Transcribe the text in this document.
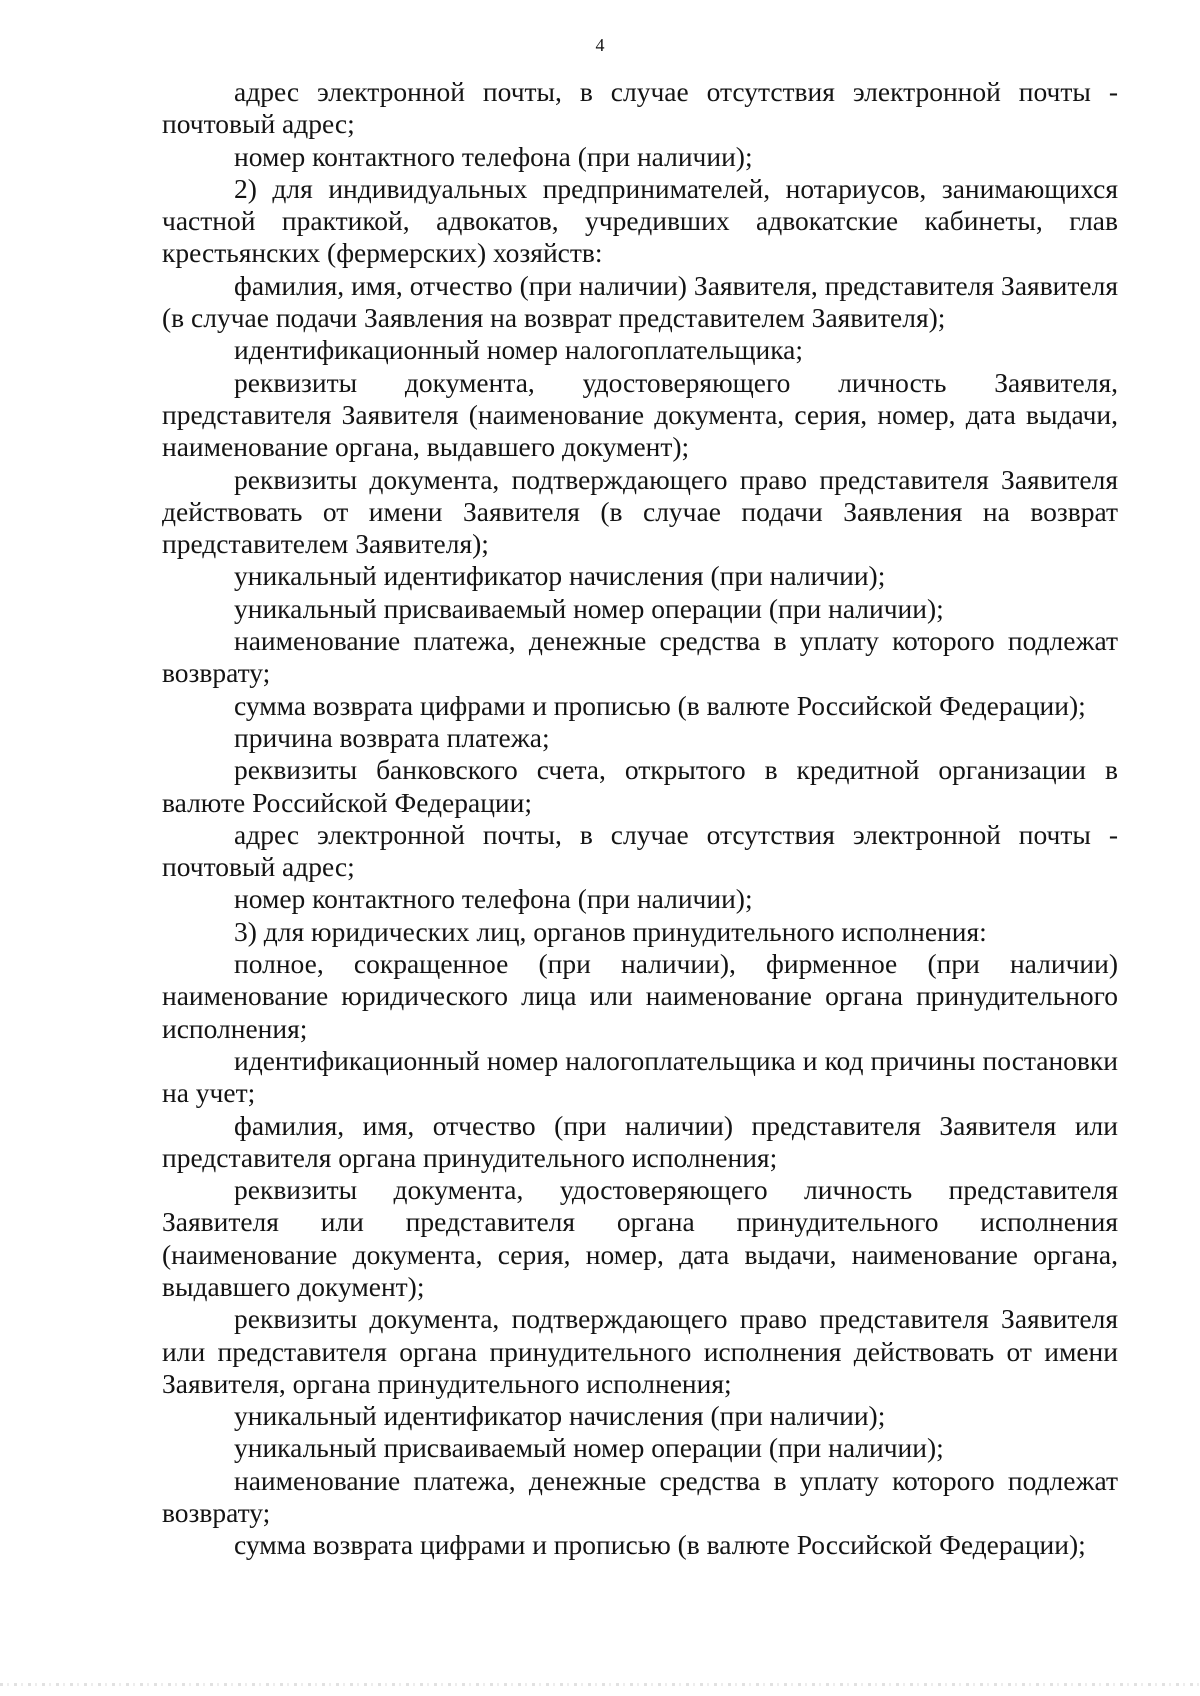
4

адрес электронной почты, в случае отсутствия электронной почты - почтовый адрес;

номер контактного телефона (при наличии);

2) для индивидуальных предпринимателей, нотариусов, занимающихся частной практикой, адвокатов, учредивших адвокатские кабинеты, глав крестьянских (фермерских) хозяйств:

фамилия, имя, отчество (при наличии) Заявителя, представителя Заявителя (в случае подачи Заявления на возврат представителем Заявителя);

идентификационный номер налогоплательщика;

реквизиты документа, удостоверяющего личность Заявителя, представителя Заявителя (наименование документа, серия, номер, дата выдачи, наименование органа, выдавшего документ);

реквизиты документа, подтверждающего право представителя Заявителя действовать от имени Заявителя (в случае подачи Заявления на возврат представителем Заявителя);

уникальный идентификатор начисления (при наличии);

уникальный присваиваемый номер операции (при наличии);

наименование платежа, денежные средства в уплату которого подлежат возврату;

сумма возврата цифрами и прописью (в валюте Российской Федерации);

причина возврата платежа;

реквизиты банковского счета, открытого в кредитной организации в валюте Российской Федерации;

адрес электронной почты, в случае отсутствия электронной почты - почтовый адрес;

номер контактного телефона (при наличии);

3) для юридических лиц, органов принудительного исполнения:

полное, сокращенное (при наличии), фирменное (при наличии) наименование юридического лица или наименование органа принудительного исполнения;

идентификационный номер налогоплательщика и код причины постановки на учет;

фамилия, имя, отчество (при наличии) представителя Заявителя или представителя органа принудительного исполнения;

реквизиты документа, удостоверяющего личность представителя Заявителя или представителя органа принудительного исполнения (наименование документа, серия, номер, дата выдачи, наименование органа, выдавшего документ);

реквизиты документа, подтверждающего право представителя Заявителя или представителя органа принудительного исполнения действовать от имени Заявителя, органа принудительного исполнения;

уникальный идентификатор начисления (при наличии);

уникальный присваиваемый номер операции (при наличии);

наименование платежа, денежные средства в уплату которого подлежат возврату;

сумма возврата цифрами и прописью (в валюте Российской Федерации);
